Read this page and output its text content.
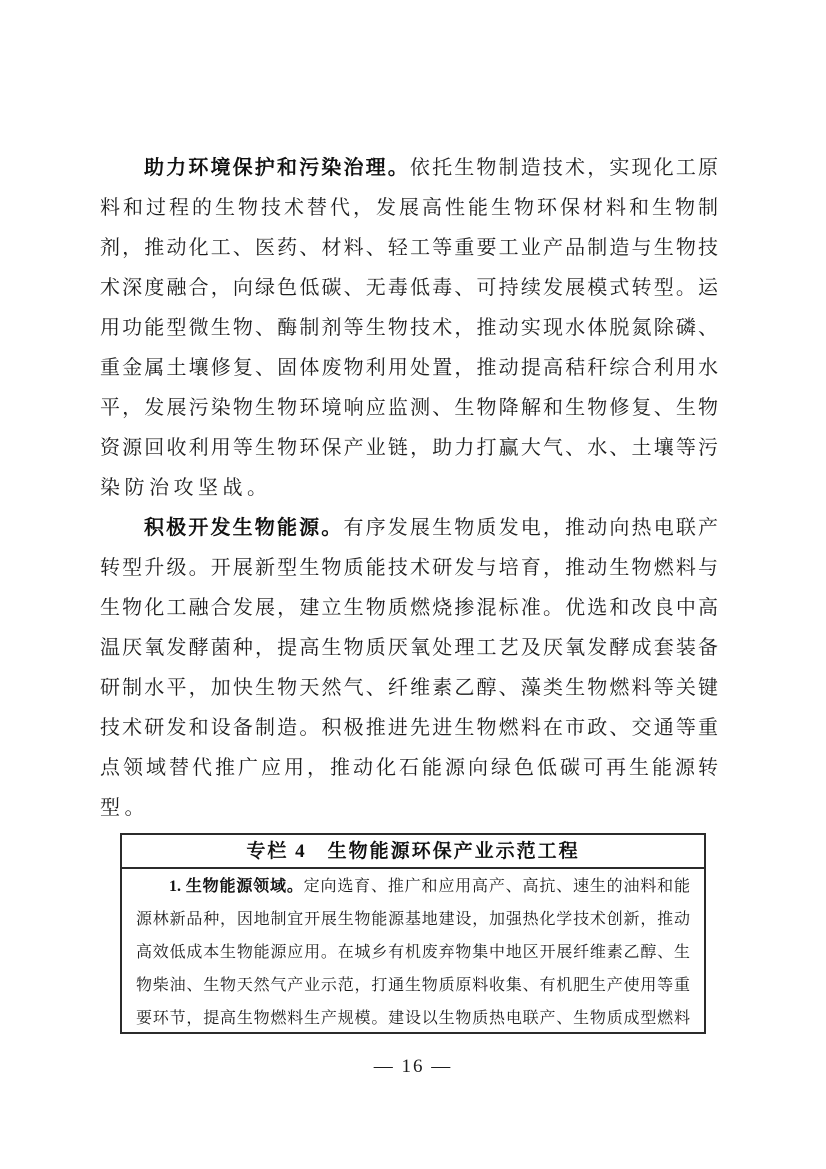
助力环境保护和污染治理。依托生物制造技术，实现化工原
料和过程的生物技术替代，发展高性能生物环保材料和生物制
剂，推动化工、医药、材料、轻工等重要工业产品制造与生物技
术深度融合，向绿色低碳、无毒低毒、可持续发展模式转型。运
用功能型微生物、酶制剂等生物技术，推动实现水体脱氮除磷、
重金属土壤修复、固体废物利用处置，推动提高秸秆综合利用水
平，发展污染物生物环境响应监测、生物降解和生物修复、生物
资源回收利用等生物环保产业链，助力打赢大气、水、土壤等污
染防治攻坚战。
积极开发生物能源。有序发展生物质发电，推动向热电联产
转型升级。开展新型生物质能技术研发与培育，推动生物燃料与
生物化工融合发展，建立生物质燃烧掺混标准。优选和改良中高
温厌氧发酵菌种，提高生物质厌氧处理工艺及厌氧发酵成套装备
研制水平，加快生物天然气、纤维素乙醇、藻类生物燃料等关键
技术研发和设备制造。积极推进先进生物燃料在市政、交通等重
点领域替代推广应用，推动化石能源向绿色低碳可再生能源转
型。
专栏 4　生物能源环保产业示范工程
1. 生物能源领域。定向选育、推广和应用高产、高抗、速生的油料和能
源林新品种，因地制宜开展生物能源基地建设，加强热化学技术创新，推动
高效低成本生物能源应用。在城乡有机废弃物集中地区开展纤维素乙醇、生
物柴油、生物天然气产业示范，打通生物质原料收集、有机肥生产使用等重
要环节，提高生物燃料生产规模。建设以生物质热电联产、生物质成型燃料
— 16 —
